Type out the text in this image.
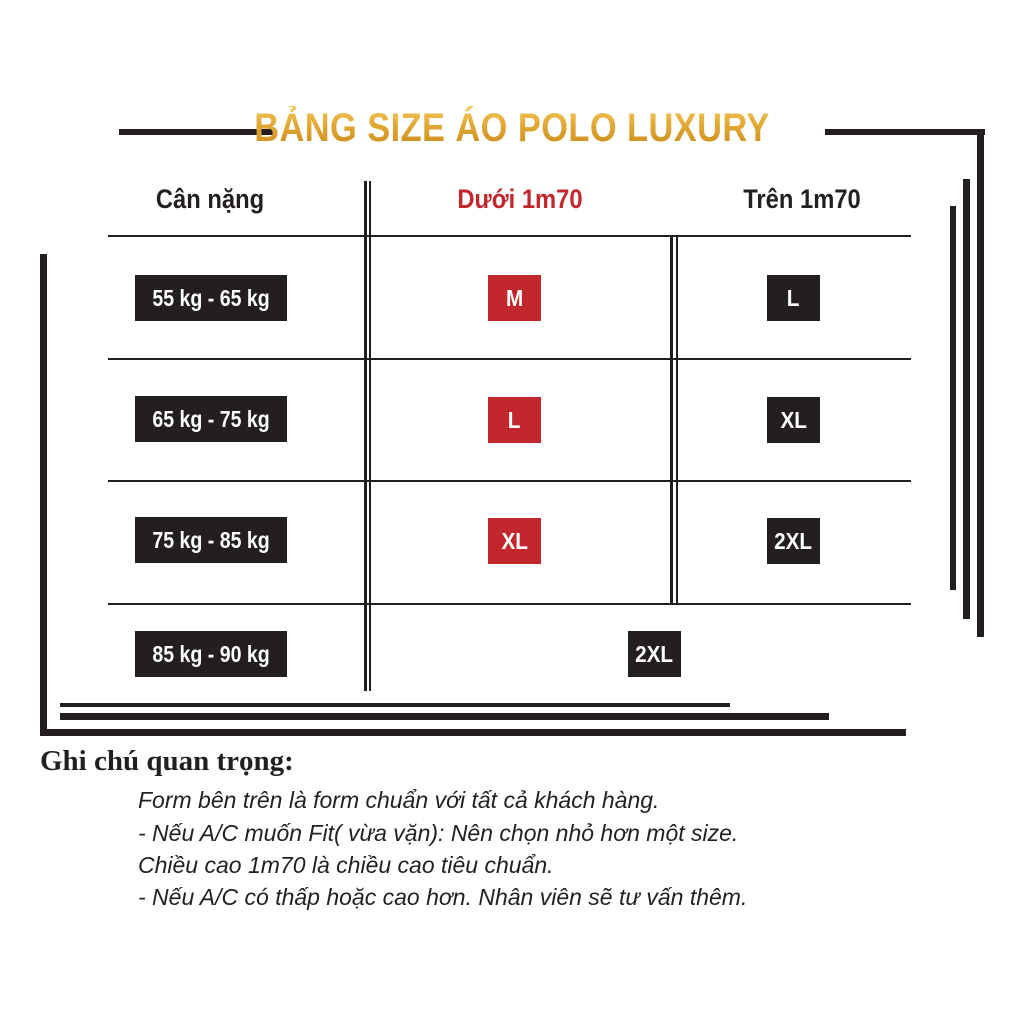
BẢNG SIZE ÁO POLO LUXURY
Cân nặng	Dưới 1m70	Trên 1m70
55 kg - 65 kg	M	L
65 kg - 75 kg	L	XL
75 kg - 85 kg	XL	2XL
85 kg - 90 kg	2XL
Ghi chú quan trọng:
Form bên trên là form chuẩn với tất cả khách hàng.
- Nếu A/C muốn Fit( vừa vặn): Nên chọn nhỏ hơn một size.
Chiều cao 1m70 là chiều cao tiêu chuẩn.
- Nếu A/C có thấp hoặc cao hơn. Nhân viên sẽ tư vấn thêm.
